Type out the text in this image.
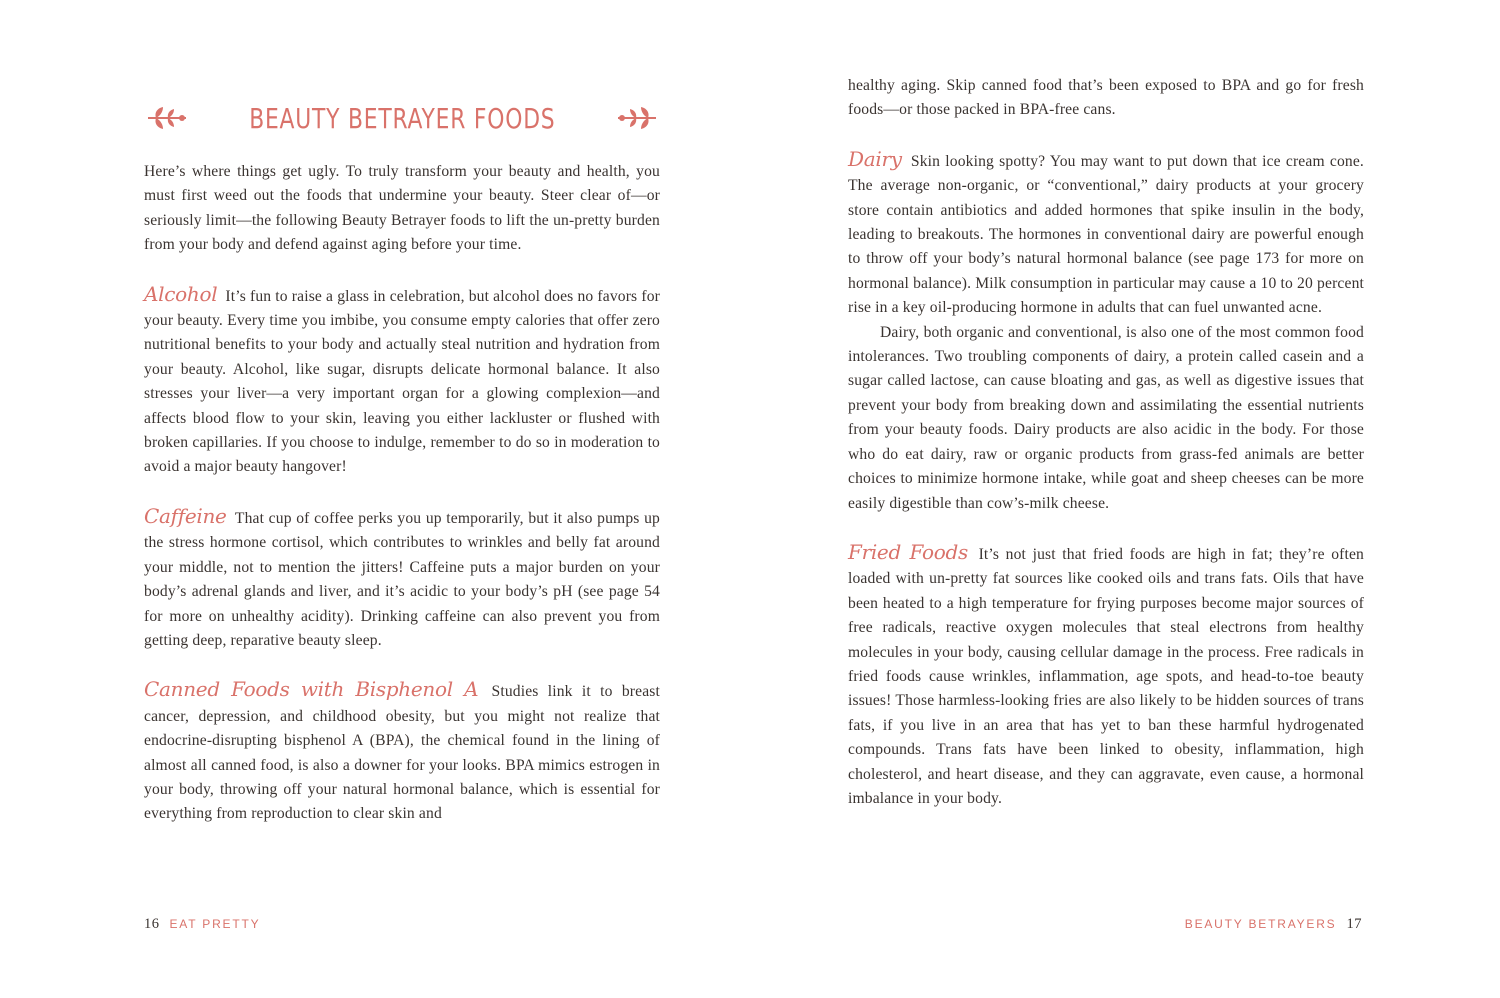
BEAUTY BETRAYER FOODS

Here’s where things get ugly. To truly transform your beauty and health, you must first weed out the foods that undermine your beauty. Steer clear of—or seriously limit—the following Beauty Betrayer foods to lift the un-pretty burden from your body and defend against aging before your time.

Alcohol It’s fun to raise a glass in celebration, but alcohol does no favors for your beauty. Every time you imbibe, you consume empty calories that offer zero nutritional benefits to your body and actually steal nutrition and hydration from your beauty. Alcohol, like sugar, disrupts delicate hormonal balance. It also stresses your liver—a very important organ for a glowing complexion—and affects blood flow to your skin, leaving you either lackluster or flushed with broken capillaries. If you choose to indulge, remember to do so in moderation to avoid a major beauty hangover!

Caffeine That cup of coffee perks you up temporarily, but it also pumps up the stress hormone cortisol, which contributes to wrinkles and belly fat around your middle, not to mention the jitters! Caffeine puts a major burden on your body’s adrenal glands and liver, and it’s acidic to your body’s pH (see page 54 for more on unhealthy acidity). Drinking caffeine can also prevent you from getting deep, reparative beauty sleep.

Canned Foods with Bisphenol A Studies link it to breast cancer, depression, and childhood obesity, but you might not realize that endocrine-disrupting bisphenol A (BPA), the chemical found in the lining of almost all canned food, is also a downer for your looks. BPA mimics estrogen in your body, throwing off your natural hormonal balance, which is essential for everything from reproduction to clear skin and

16 EAT PRETTY

healthy aging. Skip canned food that’s been exposed to BPA and go for fresh foods—or those packed in BPA-free cans.

Dairy Skin looking spotty? You may want to put down that ice cream cone. The average non-organic, or “conventional,” dairy products at your grocery store contain antibiotics and added hormones that spike insulin in the body, leading to breakouts. The hormones in conventional dairy are powerful enough to throw off your body’s natural hormonal balance (see page 173 for more on hormonal balance). Milk consumption in particular may cause a 10 to 20 percent rise in a key oil-producing hormone in adults that can fuel unwanted acne.

Dairy, both organic and conventional, is also one of the most common food intolerances. Two troubling components of dairy, a protein called casein and a sugar called lactose, can cause bloating and gas, as well as digestive issues that prevent your body from breaking down and assimilating the essential nutrients from your beauty foods. Dairy products are also acidic in the body. For those who do eat dairy, raw or organic products from grass-fed animals are better choices to minimize hormone intake, while goat and sheep cheeses can be more easily digestible than cow’s-milk cheese.

Fried Foods It’s not just that fried foods are high in fat; they’re often loaded with un-pretty fat sources like cooked oils and trans fats. Oils that have been heated to a high temperature for frying purposes become major sources of free radicals, reactive oxygen molecules that steal electrons from healthy molecules in your body, causing cellular damage in the process. Free radicals in fried foods cause wrinkles, inflammation, age spots, and head-to-toe beauty issues! Those harmless-looking fries are also likely to be hidden sources of trans fats, if you live in an area that has yet to ban these harmful hydrogenated compounds. Trans fats have been linked to obesity, inflammation, high cholesterol, and heart disease, and they can aggravate, even cause, a hormonal imbalance in your body.

BEAUTY BETRAYERS 17
